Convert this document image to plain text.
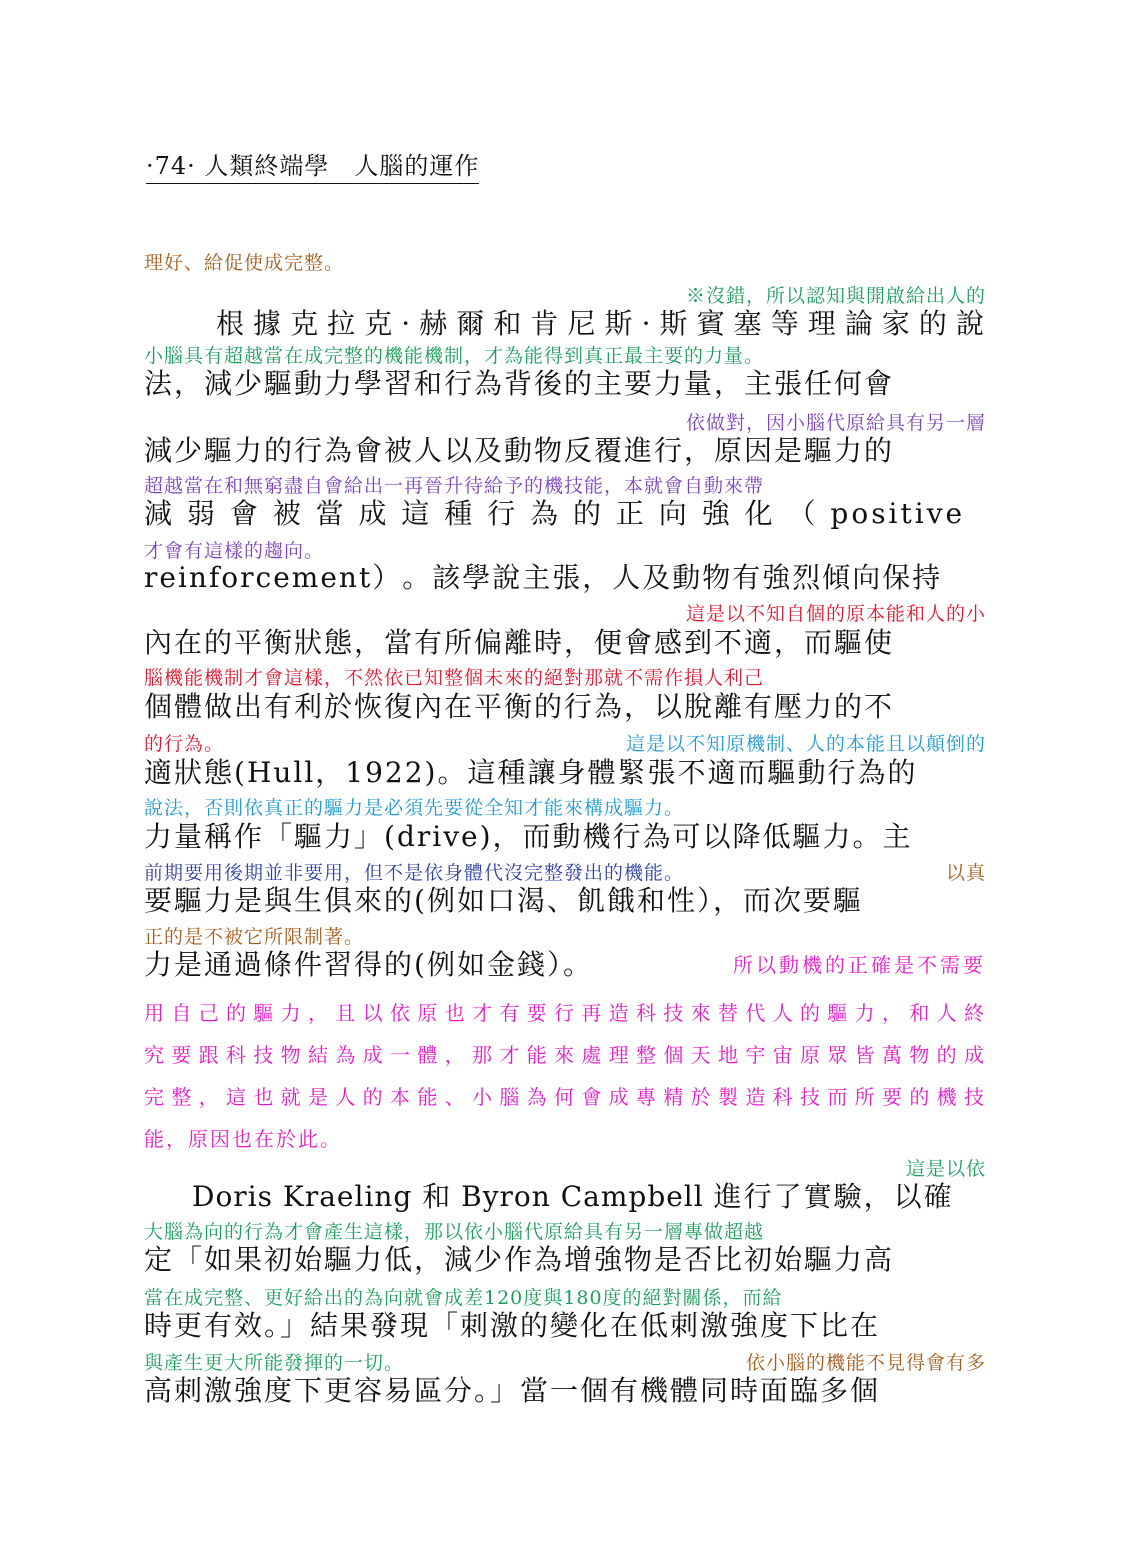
·74· 人類終端學　人腦的運作
理好、給促使成完整。
※沒錯，所以認知與開啟給出人的
根據克拉克·赫爾和肯尼斯·斯賓塞等理論家的說
小腦具有超越當在成完整的機能機制，才為能得到真正最主要的力量。
法，減少驅動力學習和行為背後的主要力量，主張任何會
依做對，因小腦代原給具有另一層
減少驅力的行為會被人以及動物反覆進行，原因是驅力的
超越當在和無窮盡自會給出一再晉升待給予的機技能，本就會自動來帶
減 弱 會 被 當 成 這 種 行 為 的 正 向 強 化 （ positive
才會有這樣的趨向。
reinforcement）。該學說主張，人及動物有強烈傾向保持
這是以不知自個的原本能和人的小
內在的平衡狀態，當有所偏離時，便會感到不適，而驅使
腦機能機制才會這樣，不然依已知整個未來的絕對那就不需作損人利己
個體做出有利於恢復內在平衡的行為，以脫離有壓力的不
的行為。	這是以不知原機制、人的本能且以顛倒的
適狀態(Hull，1922)。這種讓身體緊張不適而驅動行為的
說法，否則依真正的驅力是必須先要從全知才能來構成驅力。
力量稱作「驅力」(drive)，而動機行為可以降低驅力。主
前期要用後期並非要用，但不是依身體代沒完整發出的機能。	以真
要驅力是與生俱來的(例如口渴、飢餓和性），而次要驅
正的是不被它所限制著。
力是通過條件習得的(例如金錢）。	所以動機的正確是不需要
用自己的驅力，且以依原也才有要行再造科技來替代人的驅力，和人終
究要跟科技物結為成一體，那才能來處理整個天地宇宙原眾皆萬物的成
完整，這也就是人的本能、小腦為何會成專精於製造科技而所要的機技
能，原因也在於此。
這是以依
Doris Kraeling 和 Byron Campbell 進行了實驗，以確
大腦為向的行為才會產生這樣，那以依小腦代原給具有另一層專做超越
定「如果初始驅力低，減少作為增強物是否比初始驅力高
當在成完整、更好給出的為向就會成差120度與180度的絕對關係，而給
時更有效。」結果發現「刺激的變化在低刺激強度下比在
與產生更大所能發揮的一切。	依小腦的機能不見得會有多
高刺激強度下更容易區分。」當一個有機體同時面臨多個
